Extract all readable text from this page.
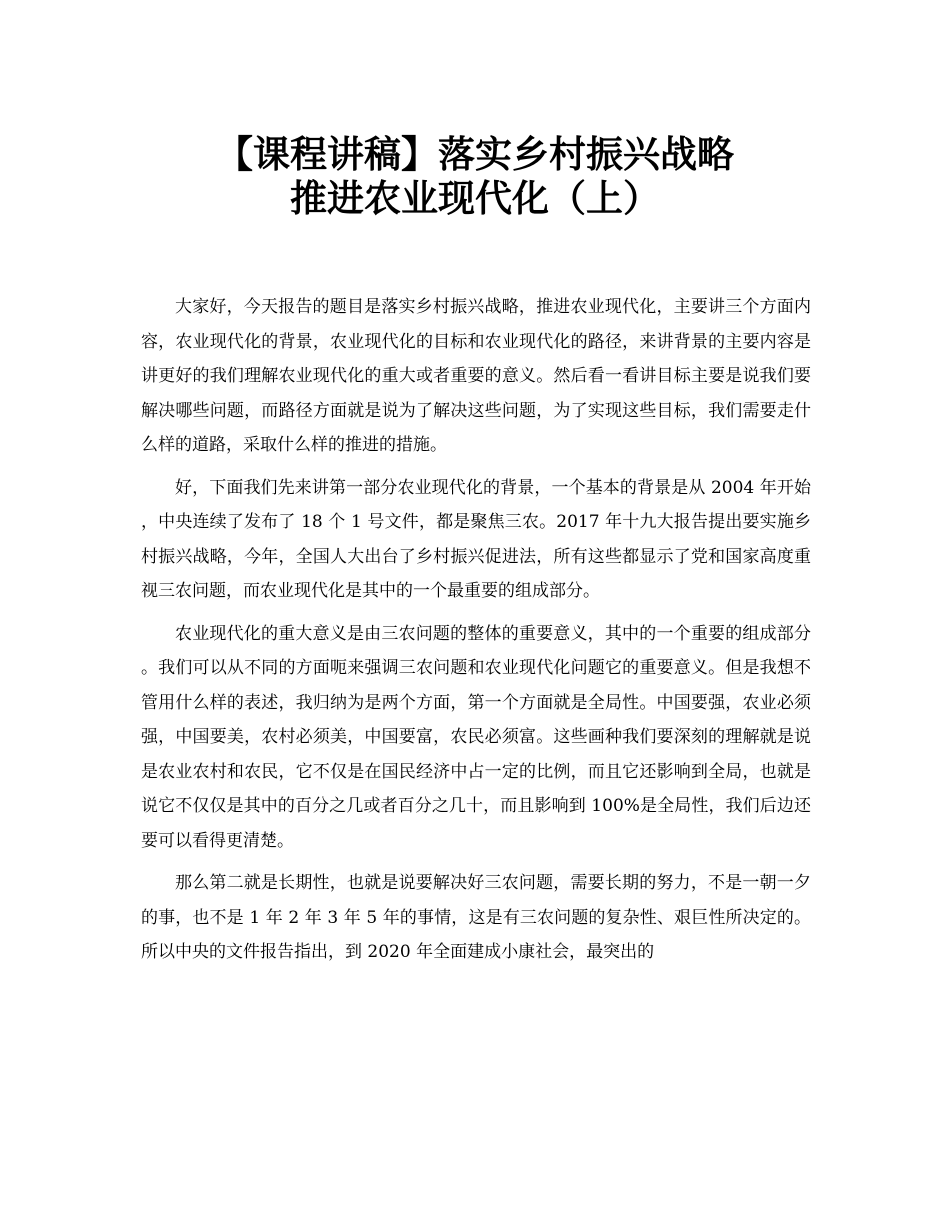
【课程讲稿】落实乡村振兴战略
推进农业现代化（上）

大家好，今天报告的题目是落实乡村振兴战略，推进农业现代化，主要讲三个方面内容，农业现代化的背景，农业现代化的目标和农业现代化的路径，来讲背景的主要内容是讲更好的我们理解农业现代化的重大或者重要的意义。然后看一看讲目标主要是说我们要解决哪些问题，而路径方面就是说为了解决这些问题，为了实现这些目标，我们需要走什么样的道路，采取什么样的推进的措施。

好，下面我们先来讲第一部分农业现代化的背景，一个基本的背景是从 2004 年开始，中央连续了发布了 18 个 1 号文件，都是聚焦三农。2017 年十九大报告提出要实施乡村振兴战略，今年，全国人大出台了乡村振兴促进法，所有这些都显示了党和国家高度重视三农问题，而农业现代化是其中的一个最重要的组成部分。

农业现代化的重大意义是由三农问题的整体的重要意义，其中的一个重要的组成部分。我们可以从不同的方面呃来强调三农问题和农业现代化问题它的重要意义。但是我想不管用什么样的表述，我归纳为是两个方面，第一个方面就是全局性。中国要强，农业必须强，中国要美，农村必须美，中国要富，农民必须富。这些画种我们要深刻的理解就是说是农业农村和农民，它不仅是在国民经济中占一定的比例，而且它还影响到全局，也就是说它不仅仅是其中的百分之几或者百分之几十，而且影响到 100%是全局性，我们后边还要可以看得更清楚。

那么第二就是长期性，也就是说要解决好三农问题，需要长期的努力，不是一朝一夕的事，也不是 1 年 2 年 3 年 5 年的事情，这是有三农问题的复杂性、艰巨性所决定的。所以中央的文件报告指出，到 2020 年全面建成小康社会，最突出的
